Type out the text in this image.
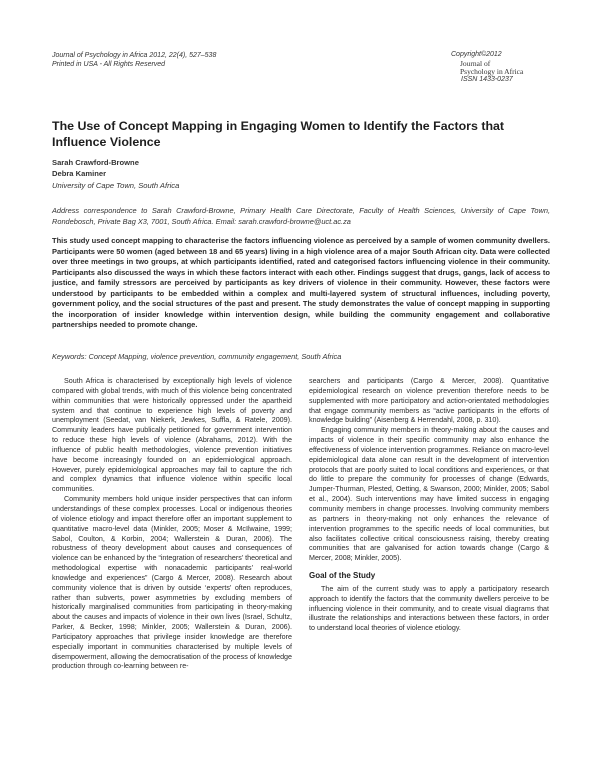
Journal of Psychology in Africa 2012, 22(4), 527–538
Printed in USA - All Rights Reserved
Copyright©2012
Journal of
Psychology in Africa
ISSN 1433-0237
The Use of Concept Mapping in Engaging Women to Identify the Factors that Influence Violence
Sarah Crawford-Browne
Debra Kaminer
University of Cape Town, South Africa

Address correspondence to Sarah Crawford-Browne, Primary Health Care Directorate, Faculty of Health Sciences, University of Cape Town, Rondebosch, Private Bag X3, 7001, South Africa. Email: sarah.crawford-browne@uct.ac.za

This study used concept mapping to characterise the factors influencing violence as perceived by a sample of women community dwellers. Participants were 50 women (aged between 18 and 65 years) living in a high violence area of a major South African city. Data were collected over three meetings in two groups, at which participants identified, rated and categorised factors influencing violence in their community. Participants also discussed the ways in which these factors interact with each other. Findings suggest that drugs, gangs, lack of access to justice, and family stressors are perceived by participants as key drivers of violence in their community. However, these factors were understood by participants to be embedded within a complex and multi-layered system of structural influences, including poverty, government policy, and the social structures of the past and present. The study demonstrates the value of concept mapping in supporting the incorporation of insider knowledge within intervention design, while building the community engagement and collaborative partnerships needed to promote change.

Keywords: Concept Mapping, violence prevention, community engagement, South Africa

South Africa is characterised by exceptionally high levels of violence compared with global trends, with much of this violence being concentrated within communities that were historically oppressed under the apartheid system and that continue to experience high levels of poverty and unemployment (Seedat, van Niekerk, Jewkes, Suffla, & Ratele, 2009). Community leaders have publically petitioned for government intervention to reduce these high levels of violence (Abrahams, 2012). With the influence of public health methodologies, violence prevention initiatives have become increasingly founded on an epidemiological approach. However, purely epidemiological approaches may fail to capture the rich and complex dynamics that influence violence within specific local communities.

Community members hold unique insider perspectives that can inform understandings of these complex processes. Local or indigenous theories of violence etiology and impact therefore offer an important supplement to quantitative macro-level data (Minkler, 2005; Moser & McIlwaine, 1999; Sabol, Coulton, & Korbin, 2004; Wallerstein & Duran, 2006). The robustness of theory development about causes and consequences of violence can be enhanced by the “integration of researchers’ theoretical and methodological expertise with nonacademic participants’ real-world knowledge and experiences” (Cargo & Mercer, 2008). Research about community violence that is driven by outside ‘experts’ often reproduces, rather than subverts, power asymmetries by excluding members of historically marginalised communities from participating in theory-making about the causes and impacts of violence in their own lives (Israel, Schultz, Parker, & Becker, 1998; Minkler, 2005; Wallerstein & Duran, 2006). Participatory approaches that privilege insider knowledge are therefore especially important in communities characterised by multiple levels of disempowerment, allowing the democratisation of the process of knowledge production through co-learning between re-

searchers and participants (Cargo & Mercer, 2008). Quantitative epidemiological research on violence prevention therefore needs to be supplemented with more participatory and action-orientated methodologies that engage community members as “active participants in the efforts of knowledge building” (Aisenberg & Herrendahl, 2008, p. 310).

Engaging community members in theory-making about the causes and impacts of violence in their specific community may also enhance the effectiveness of violence intervention programmes. Reliance on macro-level epidemiological data alone can result in the development of intervention protocols that are poorly suited to local conditions and experiences, or that do little to prepare the community for processes of change (Edwards, Jumper-Thurman, Plested, Oetting, & Swanson, 2000; Minkler, 2005; Sabol et al., 2004). Such interventions may have limited success in engaging community members in change processes. Involving community members as partners in theory-making not only enhances the relevance of intervention programmes to the specific needs of local communities, but also facilitates collective critical consciousness raising, thereby creating communities that are galvanised for action towards change (Cargo & Mercer, 2008; Minkler, 2005).

Goal of the Study

The aim of the current study was to apply a participatory research approach to identify the factors that the community dwellers perceive to be influencing violence in their community, and to create visual diagrams that illustrate the relationships and interactions between these factors, in order to understand local theories of violence etiology.
